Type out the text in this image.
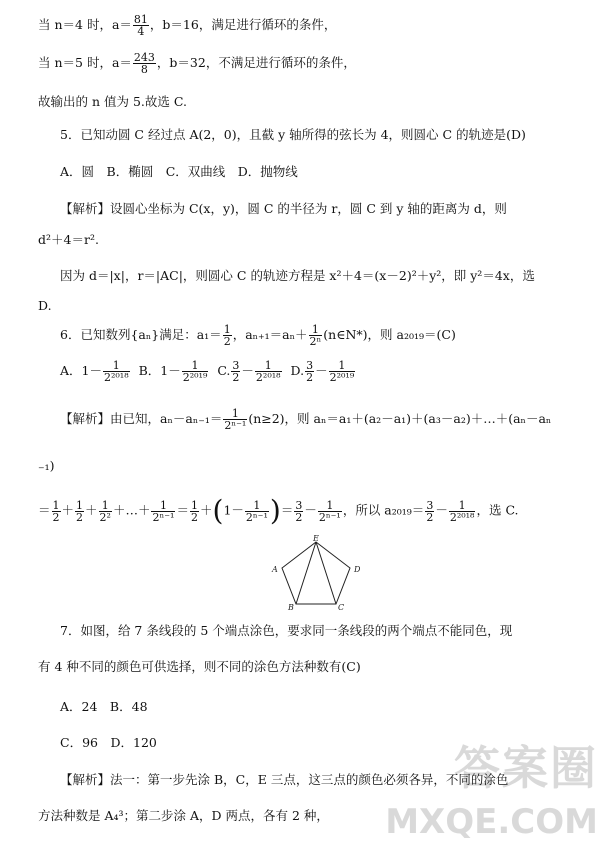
当 n＝4 时，$a= \frac{81}{4}$ ，b＝16，满足进行循环的条件，
当 n＝5 时，$a= \frac{243}{8}$ ，b＝32，不满足进行循环的条件，
故输出的 n 值为 5.故选 C.
5．已知动圆 C 经过点 A(2，0)，且截 y 轴所得的弦长为 4，则圆心 C 的轨迹是(D)
A．圆　B．椭圆　C．双曲线　D．抛物线
【解析】设圆心坐标为 C(x，y)，圆 C 的半径为 r，圆 C 到 y 轴的距离为 d，则
d²＋4＝r².
因为 d＝|x|，r＝|AC|，则圆心 C 的轨迹方程是 x²＋4＝(x－2)²＋y²，即 y²＝4x，选
D.
6．已知数列{aₙ}满足：$a_1= \frac{1}{2}$ ，$a_{n+1}=a_n+ \frac{1}{\text{2ⁿ}}$ (n∈N*)，则 a₂₀₁₉＝(C)
A．$1- \frac{1}{\text{2²⁰¹⁸}}$ B．$1- \frac{1}{\text{2²⁰¹⁹}} C$. $\frac{3}{2} - \frac{1}{\text{2²⁰¹⁸}} D$. $\frac{3}{2} - \frac{1}{\text{2²⁰¹⁹}}$
【解析】由已知，$a_n-a_{n-1}= \frac{1}{\text{2ⁿ⁻¹}} (n\ge 2)$，则 aₙ＝a₁＋(a₂－a₁)＋(a₃－a₂)＋…＋(aₙ－aₙ
₋₁)
＝ $\frac{1}{2} + \frac{1}{2} + \frac{1}{\text{2²}}$ ＋…＋ $\frac{1}{\text{2ⁿ⁻¹}} = \frac{1}{2} +(1- \frac{1}{\text{2ⁿ⁻¹}}$ )＝ $\frac{3}{2} - \frac{1}{\text{2ⁿ⁻¹}}$ ，所以 $a_{2019}= \frac{3}{2} - \frac{1}{\text{2²⁰¹⁸}}$ ，选 C.
A
B	C
D
E
7．如图，给 7 条线段的 5 个端点涂色，要求同一条线段的两个端点不能同色，现
有 4 种不同的颜色可供选择，则不同的涂色方法种数有(C)
A．24　B．48
C．96　D．120
【解析】法一：第一步先涂 B，C，E 三点，这三点的颜色必须各异，不同的涂色
方法种数是 A₄³；第二步涂 A，D 两点，各有 2 种，
答案圈
MXQE.COM
